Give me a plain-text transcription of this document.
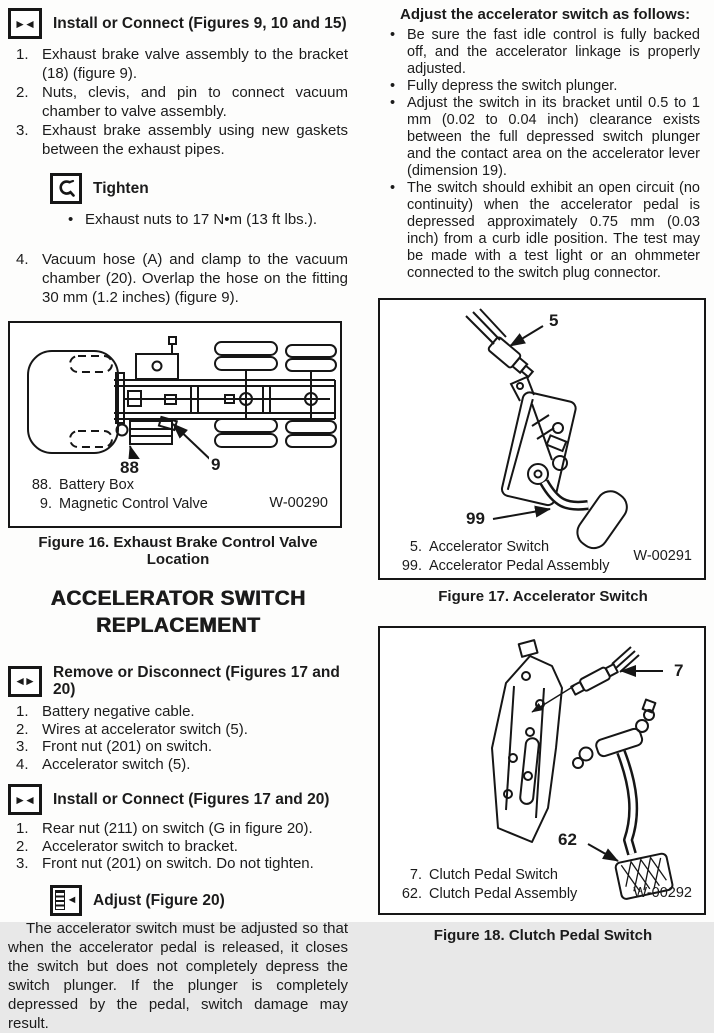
►◄	Install or Connect (Figures 9, 10 and 15)
1. Exhaust brake valve assembly to the bracket (18) (figure 9).
2. Nuts, clevis, and pin to connect vacuum chamber to valve assembly.
3. Exhaust brake assembly using new gaskets between the exhaust pipes.
Tighten
• Exhaust nuts to 17 N•m (13 ft lbs.).
4. Vacuum hose (A) and clamp to the vacuum chamber (20). Overlap the hose on the fitting 30 mm (1.2 inches) (figure 9).
88	9
88. Battery Box
9. Magnetic Control Valve	W-00290
Figure 16. Exhaust Brake Control Valve Location
ACCELERATOR SWITCH
REPLACEMENT
◄►
Remove or Disconnect (Figures 17 and 20)
1. Battery negative cable.
2. Wires at accelerator switch (5).
3. Front nut (201) on switch.
4. Accelerator switch (5).
►◄	Install or Connect (Figures 17 and 20)
1. Rear nut (211) on switch (G in figure 20).
2. Accelerator switch to bracket.
3. Front nut (201) on switch. Do not tighten.
◄ Adjust (Figure 20)
The accelerator switch must be adjusted so that when the accelerator pedal is released, it closes the switch but does not completely depress the switch plunger. If the plunger is completely depressed by the pedal, switch damage may result.
Adjust the accelerator switch as follows:
• Be sure the fast idle control is fully backed off, and the accelerator linkage is properly adjusted.
• Fully depress the switch plunger.
• Adjust the switch in its bracket until 0.5 to 1 mm (0.02 to 0.04 inch) clearance exists between the full depressed switch plunger and the contact area on the accelerator lever (dimension 19).
• The switch should exhibit an open circuit (no continuity) when the accelerator pedal is depressed approximately 0.75 mm (0.03 inch) from a curb idle position. The test may be made with a test light or an ohmmeter connected to the switch plug connector.
5
99
5. Accelerator Switch
99. Accelerator Pedal Assembly
W-00291
Figure 17. Accelerator Switch
7
62
7. Clutch Pedal Switch
62. Clutch Pedal Assembly	W-00292
Figure 18. Clutch Pedal Switch
